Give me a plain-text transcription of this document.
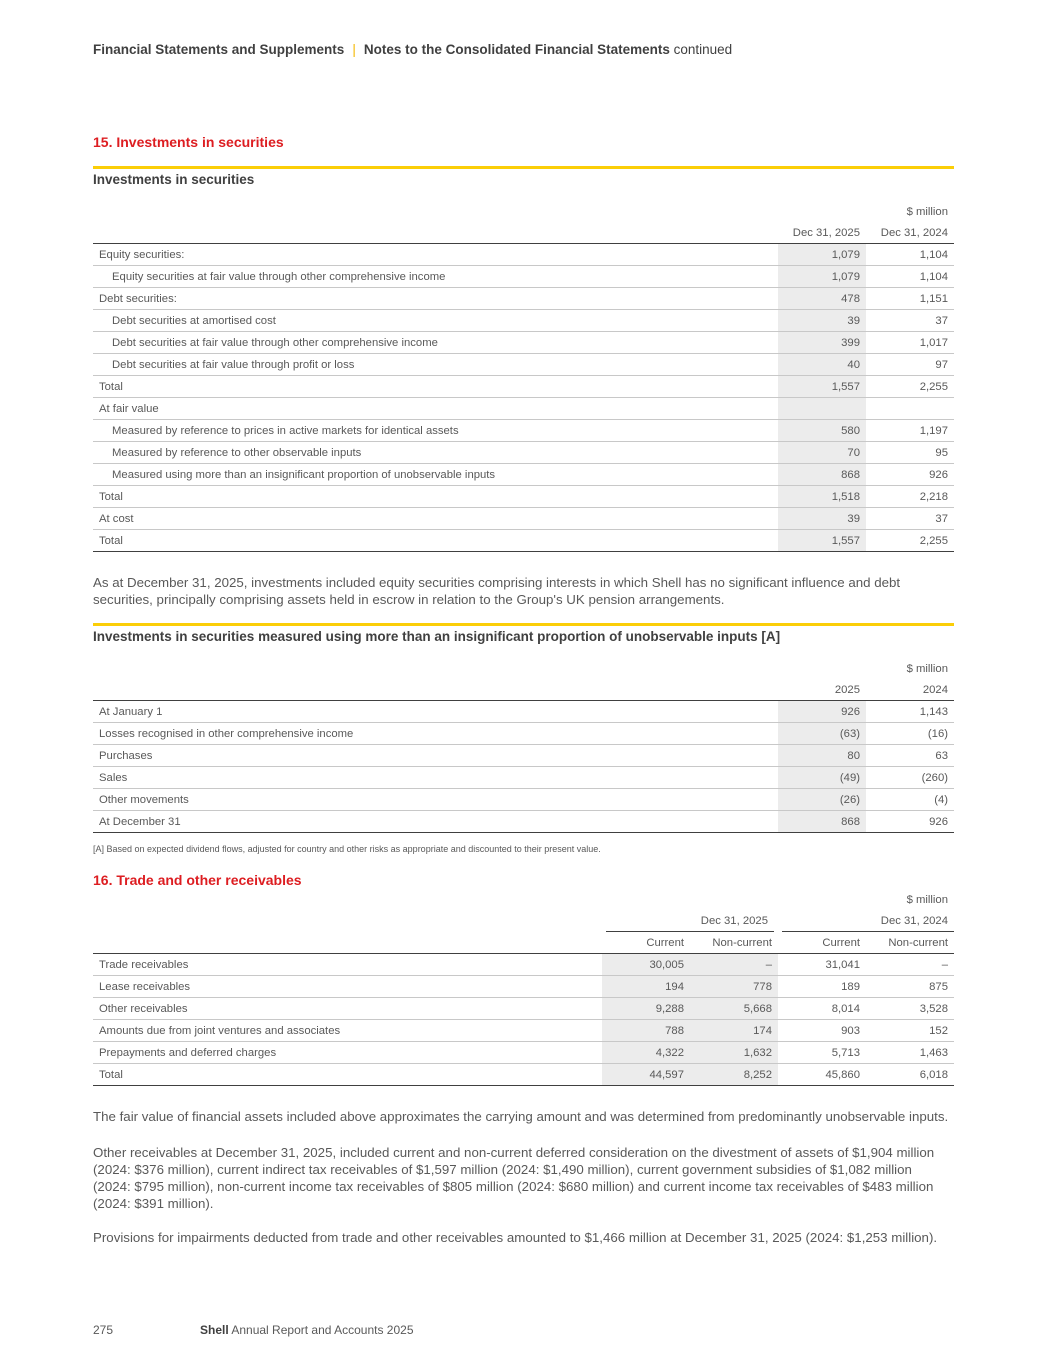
Financial Statements and Supplements | Notes to the Consolidated Financial Statements continued
15. Investments in securities
Investments in securities
		$ million
	Dec 31, 2025	Dec 31, 2024
Equity securities:	1,079	1,104
Equity securities at fair value through other comprehensive income	1,079	1,104
Debt securities:	478	1,151
Debt securities at amortised cost	39	37
Debt securities at fair value through other comprehensive income	399	1,017
Debt securities at fair value through profit or loss	40	97
Total	1,557	2,255
At fair value		
Measured by reference to prices in active markets for identical assets	580	1,197
Measured by reference to other observable inputs	70	95
Measured using more than an insignificant proportion of unobservable inputs	868	926
Total	1,518	2,218
At cost	39	37
Total	1,557	2,255
As at December 31, 2025, investments included equity securities comprising interests in which Shell has no significant influence and debt securities, principally comprising assets held in escrow in relation to the Group's UK pension arrangements.
Investments in securities measured using more than an insignificant proportion of unobservable inputs [A]
		$ million
	2025	2024
At January 1	926	1,143
Losses recognised in other comprehensive income	(63)	(16)
Purchases	80	63
Sales	(49)	(260)
Other movements	(26)	(4)
At December 31	868	926
[A] Based on expected dividend flows, adjusted for country and other risks as appropriate and discounted to their present value.
16. Trade and other receivables
				$ million
	Dec 31, 2025		Dec 31, 2024	
	Current	Non-current	Current	Non-current
Trade receivables	30,005	–	31,041	–
Lease receivables	194	778	189	875
Other receivables	9,288	5,668	8,014	3,528
Amounts due from joint ventures and associates	788	174	903	152
Prepayments and deferred charges	4,322	1,632	5,713	1,463
Total	44,597	8,252	45,860	6,018
The fair value of financial assets included above approximates the carrying amount and was determined from predominantly unobservable inputs.
Other receivables at December 31, 2025, included current and non-current deferred consideration on the divestment of assets of $1,904 million (2024: $376 million), current indirect tax receivables of $1,597 million (2024: $1,490 million), current government subsidies of $1,082 million (2024: $795 million), non-current income tax receivables of $805 million (2024: $680 million) and current income tax receivables of $483 million (2024: $391 million).
Provisions for impairments deducted from trade and other receivables amounted to $1,466 million at December 31, 2025 (2024: $1,253 million).
275	Shell Annual Report and Accounts 2025
